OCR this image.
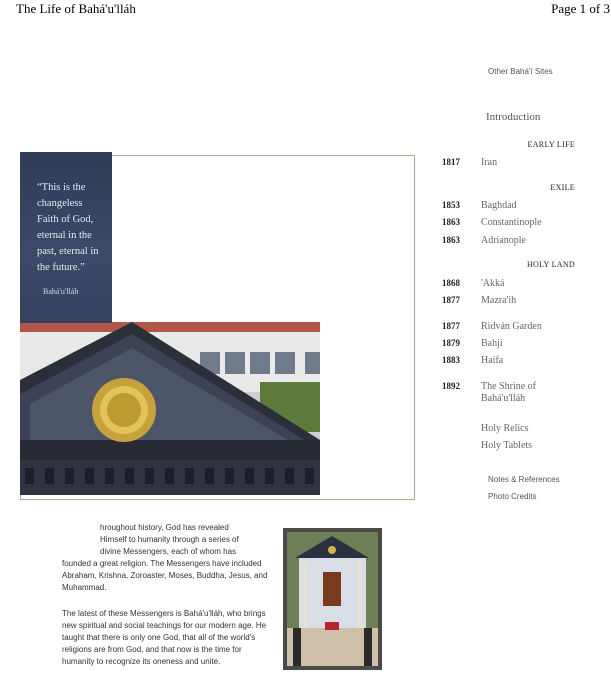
The Life of Bahá'u'lláh	Page 1 of 3
Other Bahá'í Sites
Introduction
EARLY LIFE
1817 Iran
EXILE
1853 Baghdad
1863 Constantinople
1863 Adrianople
HOLY LAND
1868 'Akká
1877 Mazra'ih
1877 Ridván Garden
1879 Bahjí
1883 Haifa
1892 The Shrine of Bahá'u'lláh
Holy Relics
Holy Tablets
Notes & References
Photo Credits
“This is the changeless Faith of God, eternal in the past, eternal in the future.”
Bahá'u'lláh
hroughout history, God has revealed
Himself to humanity through a series of
divine Messengers, each of whom has
founded a great religion. The Messengers have included Abraham, Krishna, Zoroaster, Moses, Buddha, Jesus, and Muhammad.
The latest of these Messengers is Bahá'u'lláh, who brings new spiritual and social teachings for our modern age. He taught that there is only one God, that all of the world's religions are from God, and that now is the time for humanity to recognize its oneness and unite.
